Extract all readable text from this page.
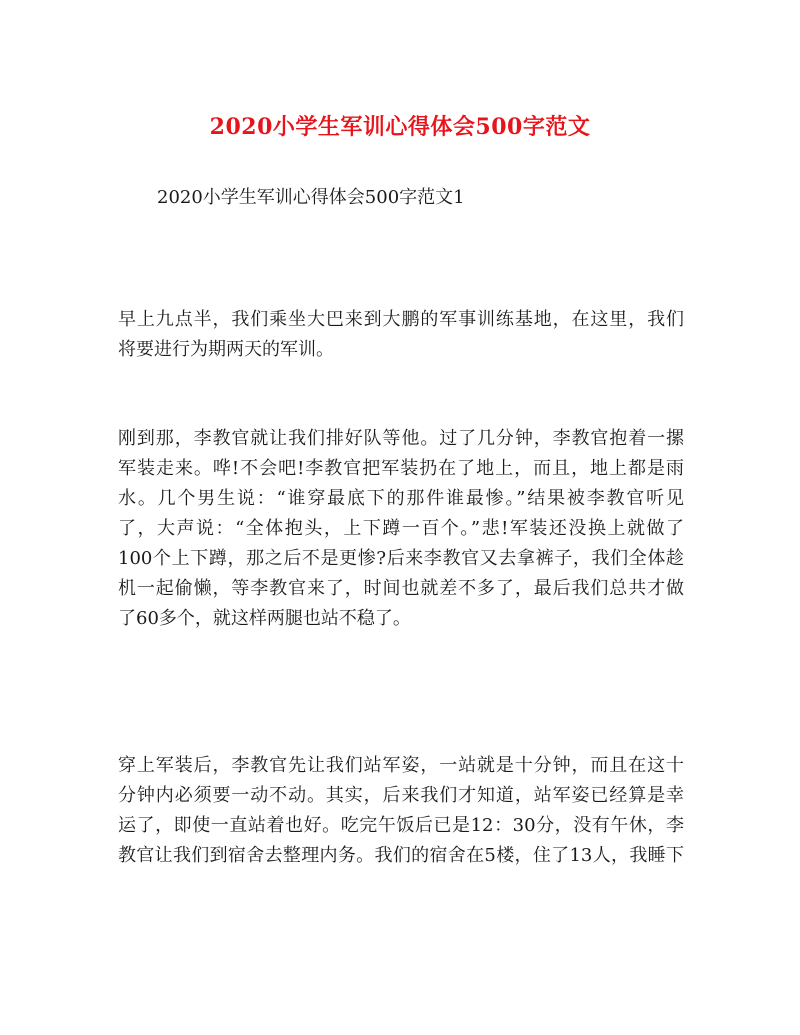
2020小学生军训心得体会500字范文
2020小学生军训心得体会500字范文1
早上九点半，我们乘坐大巴来到大鹏的军事训练基地，在这里，我们
将要进行为期两天的军训。
刚到那，李教官就让我们排好队等他。过了几分钟，李教官抱着一摞
军装走来。哗!不会吧!李教官把军装扔在了地上，而且，地上都是雨
水。几个男生说：“谁穿最底下的那件谁最惨。”结果被李教官听见
了，大声说：“全体抱头，上下蹲一百个。”悲!军装还没换上就做了
100个上下蹲，那之后不是更惨?后来李教官又去拿裤子，我们全体趁
机一起偷懒，等李教官来了，时间也就差不多了，最后我们总共才做
了60多个，就这样两腿也站不稳了。
穿上军装后，李教官先让我们站军姿，一站就是十分钟，而且在这十
分钟内必须要一动不动。其实，后来我们才知道，站军姿已经算是幸
运了，即使一直站着也好。吃完午饭后已是12：30分，没有午休，李
教官让我们到宿舍去整理内务。我们的宿舍在5楼，住了13人，我睡下
